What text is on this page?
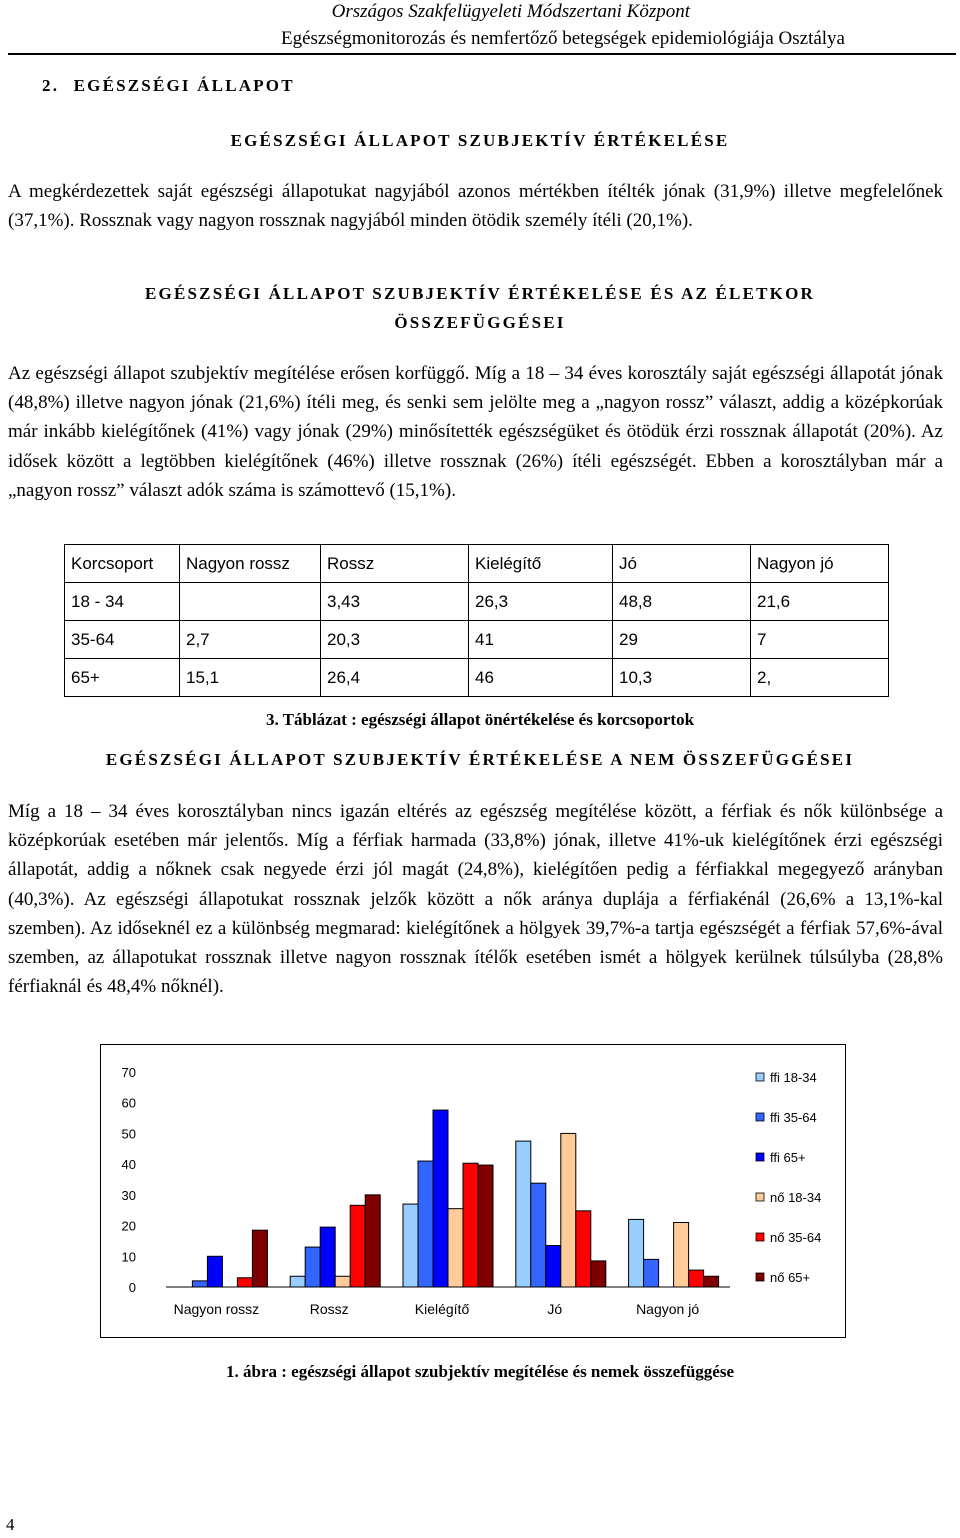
Országos Szakfelügyeleti Módszertani Központ
Egészségmonitorozás és nemfertőző betegségek epidemiológiája Osztálya
2. EGÉSZSÉGI ÁLLAPOT
EGÉSZSÉGI ÁLLAPOT SZUBJEKTÍV ÉRTÉKELÉSE

A megkérdezettek saját egészségi állapotukat nagyjából azonos mértékben ítélték jónak (31,9%) illetve megfelelőnek (37,1%). Rossznak vagy nagyon rossznak nagyjából minden ötödik személy ítéli (20,1%).

EGÉSZSÉGI ÁLLAPOT SZUBJEKTÍV ÉRTÉKELÉSE ÉS AZ ÉLETKOR
ÖSSZEFÜGGÉSEI

Az egészségi állapot szubjektív megítélése erősen korfüggő. Míg a 18 – 34 éves korosztály saját egészségi állapotát jónak (48,8%) illetve nagyon jónak (21,6%) ítéli meg, és senki sem jelölte meg a „nagyon rossz” választ, addig a középkorúak már inkább kielégítőnek (41%) vagy jónak (29%) minősítették egészségüket és ötödük érzi rossznak állapotát (20%). Az idősek között a legtöbben kielégítőnek (46%) illetve rossznak (26%) ítéli egészségét. Ebben a korosztályban már a „nagyon rossz” választ adók száma is számottevő (15,1%).

Korcsoport	Nagyon rossz	Rossz	Kielégítő	Jó	Nagyon jó
18 - 34		3,43	26,3	48,8	21,6
35-64	2,7	20,3	41	29	7
65+	15,1	26,4	46	10,3	2,
3. Táblázat : egészségi állapot önértékelése és korcsoportok
EGÉSZSÉGI ÁLLAPOT SZUBJEKTÍV ÉRTÉKELÉSE A NEM ÖSSZEFÜGGÉSEI

Míg a 18 – 34 éves korosztályban nincs igazán eltérés az egészség megítélése között, a férfiak és nők különbsége a középkorúak esetében már jelentős. Míg a férfiak harmada (33,8%) jónak, illetve 41%-uk kielégítőnek érzi egészségi állapotát, addig a nőknek csak negyede érzi jól magát (24,8%), kielégítően pedig a férfiakkal megegyező arányban (40,3%). Az egészségi állapotukat rossznak jelzők között a nők aránya duplája a férfiakénál (26,6% a 13,1%-kal szemben). Az időseknél ez a különbség megmarad: kielégítőnek a hölgyek 39,7%-a tartja egészségét a férfiak 57,6%-ával szemben, az állapotukat rossznak illetve nagyon rossznak ítélők esetében ismét a hölgyek kerülnek túlsúlyba (28,8% férfiaknál és 48,4% nőknél).

0
10
20
30
40
50
60
70
Nagyon rossz	Rossz	Kielégítő	Jó	Nagyon jó
ffi 18-34
ffi 35-64
ffi 65+
nő 18-34
nő 35-64
nő 65+
1. ábra : egészségi állapot szubjektív megítélése és nemek összefüggése
4
